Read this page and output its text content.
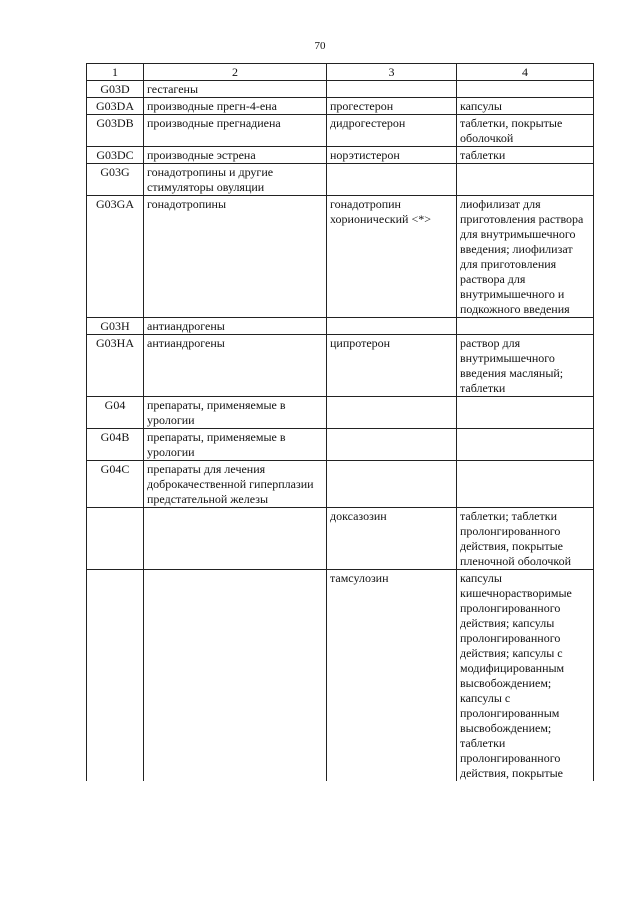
70
1	2	3	4
G03D	гестагены		
G03DA	производные прегн-4-ена	прогестерон	капсулы
G03DB	производные прегнадиена	дидрогестерон	таблетки, покрытые оболочкой
G03DC	производные эстрена	норэтистерон	таблетки
G03G	гонадотропины и другие стимуляторы овуляции		
G03GA	гонадотропины	гонадотропин хорионический <*>	лиофилизат для приготовления раствора для внутримышечного введения; лиофилизат для приготовления раствора для внутримышечного и подкожного введения
G03H	антиандрогены		
G03HA	антиандрогены	ципротерон	раствор для внутримышечного введения масляный; таблетки
G04	препараты, применяемые в урологии		
G04B	препараты, применяемые в урологии		
G04C	препараты для лечения доброкачественной гиперплазии предстательной железы		
		доксазозин	таблетки; таблетки пролонгированного действия, покрытые пленочной оболочкой
		тамсулозин	капсулы кишечнорастворимые пролонгированного действия; капсулы пролонгированного действия; капсулы с модифицированным высвобождением; капсулы с пролонгированным высвобождением; таблетки пролонгированного действия, покрытые
